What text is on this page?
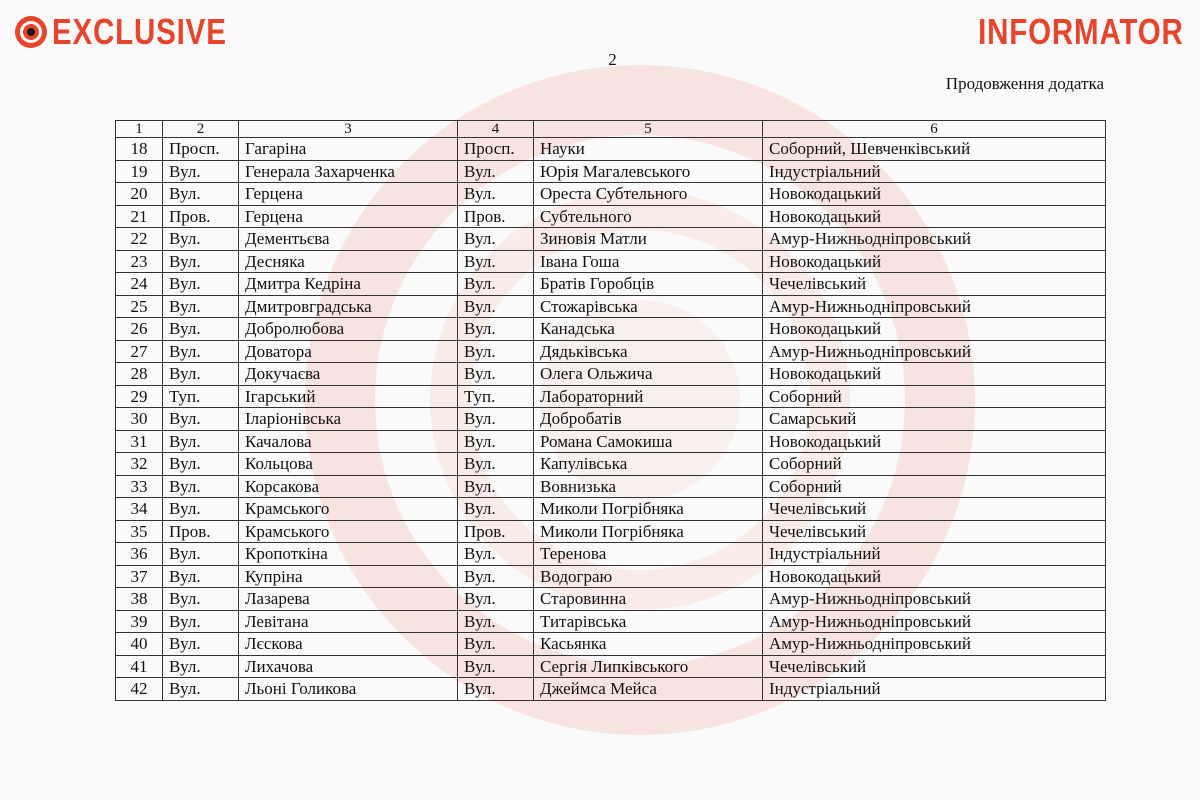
EXCLUSIVE	INFORMATOR
2
Продовження додатка
1	2	3	4	5	6
18	Просп.	Гагаріна	Просп.	Науки	Соборний, Шевченківський
19	Вул.	Генерала Захарченка	Вул.	Юрія Магалевського	Індустріальний
20	Вул.	Герцена	Вул.	Ореста Субтельного	Новокодацький
21	Пров.	Герцена	Пров.	Субтельного	Новокодацький
22	Вул.	Дементьєва	Вул.	Зиновія Матли	Амур-Нижньодніпровський
23	Вул.	Десняка	Вул.	Івана Гоша	Новокодацький
24	Вул.	Дмитра Кедріна	Вул.	Братів Горобців	Чечелівський
25	Вул.	Дмитровградська	Вул.	Стожарівська	Амур-Нижньодніпровський
26	Вул.	Добролюбова	Вул.	Канадська	Новокодацький
27	Вул.	Доватора	Вул.	Дядьківська	Амур-Нижньодніпровський
28	Вул.	Докучаєва	Вул.	Олега Ольжича	Новокодацький
29	Туп.	Ігарський	Туп.	Лабораторний	Соборний
30	Вул.	Іларіонівська	Вул.	Добробатів	Самарський
31	Вул.	Качалова	Вул.	Романа Самокиша	Новокодацький
32	Вул.	Кольцова	Вул.	Капулівська	Соборний
33	Вул.	Корсакова	Вул.	Вовнизька	Соборний
34	Вул.	Крамського	Вул.	Миколи Погрібняка	Чечелівський
35	Пров.	Крамського	Пров.	Миколи Погрібняка	Чечелівський
36	Вул.	Кропоткіна	Вул.	Теренова	Індустріальний
37	Вул.	Купріна	Вул.	Водограю	Новокодацький
38	Вул.	Лазарева	Вул.	Старовинна	Амур-Нижньодніпровський
39	Вул.	Левітана	Вул.	Титарівська	Амур-Нижньодніпровський
40	Вул.	Лєскова	Вул.	Касьянка	Амур-Нижньодніпровський
41	Вул.	Лихачова	Вул.	Сергія Липківського	Чечелівський
42	Вул.	Льоні Голикова	Вул.	Джеймса Мейса	Індустріальний
